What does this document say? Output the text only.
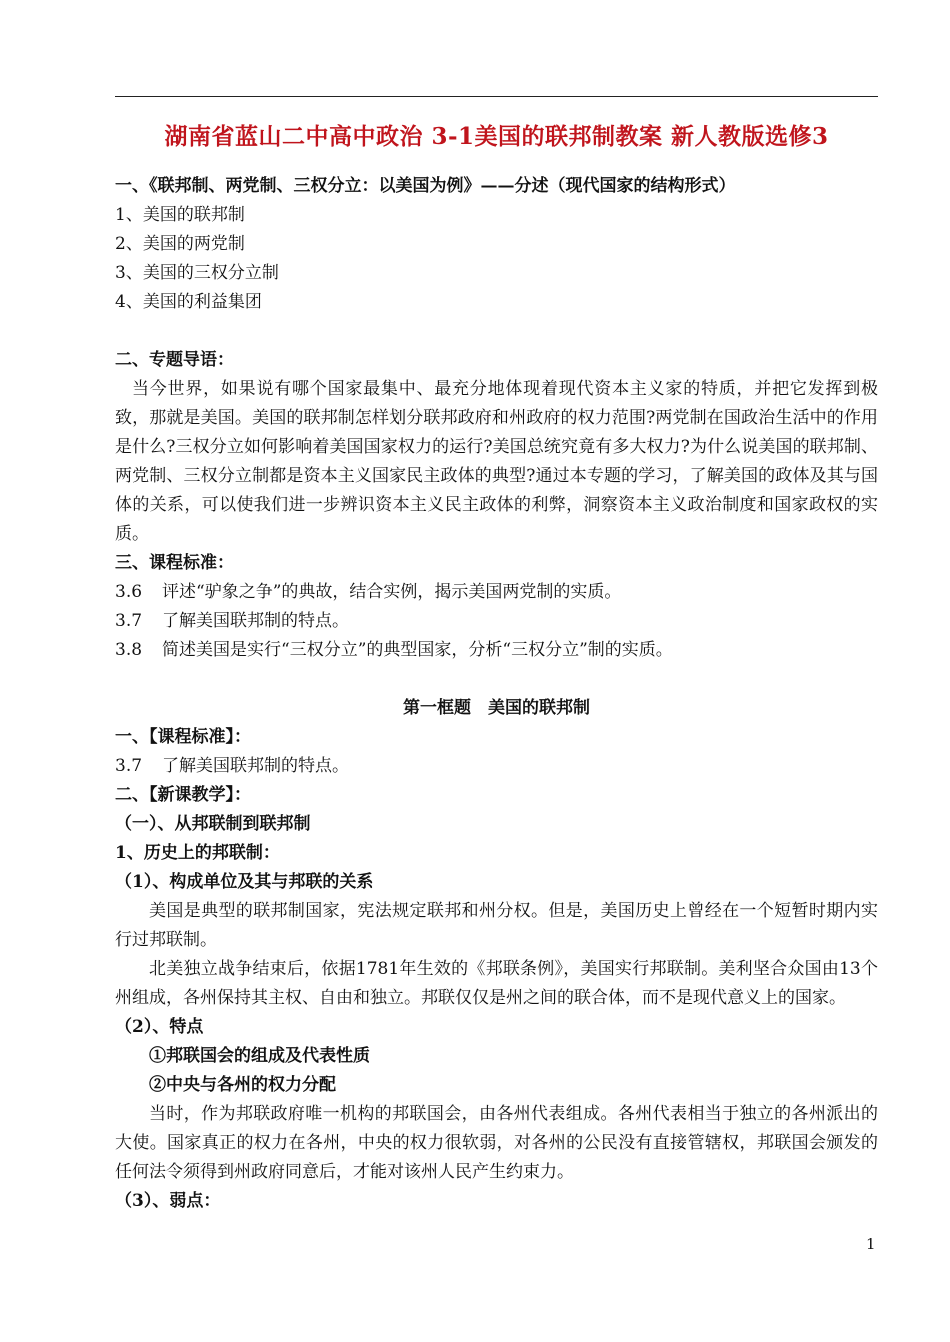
湖南省蓝山二中高中政治 3-1美国的联邦制教案 新人教版选修3

一、《联邦制、两党制、三权分立：以美国为例》——分述（现代国家的结构形式）

1、美国的联邦制

2、美国的两党制

3、美国的三权分立制

4、美国的利益集团

二、专题导语：

当今世界，如果说有哪个国家最集中、最充分地体现着现代资本主义家的特质，并把它发挥到极致，那就是美国。美国的联邦制怎样划分联邦政府和州政府的权力范围?两党制在国政治生活中的作用是什么?三权分立如何影响着美国国家权力的运行?美国总统究竟有多大权力?为什么说美国的联邦制、两党制、三权分立制都是资本主义国家民主政体的典型?通过本专题的学习，了解美国的政体及其与国体的关系，可以使我们进一步辨识资本主义民主政体的利弊，洞察资本主义政治制度和国家政权的实质。

三、课程标准：

3.6 评述“驴象之争”的典故，结合实例，揭示美国两党制的实质。

3.7 了解美国联邦制的特点。

3.8 简述美国是实行“三权分立”的典型国家，分析“三权分立”制的实质。

第一框题　美国的联邦制

一、【课程标准】：

3.7 了解美国联邦制的特点。

二、【新课教学】：

（一）、从邦联制到联邦制

1、历史上的邦联制：

（1）、构成单位及其与邦联的关系

美国是典型的联邦制国家，宪法规定联邦和州分权。但是，美国历史上曾经在一个短暂时期内实行过邦联制。

北美独立战争结束后，依据1781年生效的《邦联条例》，美国实行邦联制。美利坚合众国由13个州组成，各州保持其主权、自由和独立。邦联仅仅是州之间的联合体，而不是现代意义上的国家。

（2）、特点

①邦联国会的组成及代表性质

②中央与各州的权力分配

当时，作为邦联政府唯一机构的邦联国会，由各州代表组成。各州代表相当于独立的各州派出的大使。国家真正的权力在各州，中央的权力很软弱，对各州的公民没有直接管辖权，邦联国会颁发的任何法令须得到州政府同意后，才能对该州人民产生约束力。

（3）、弱点：

1
